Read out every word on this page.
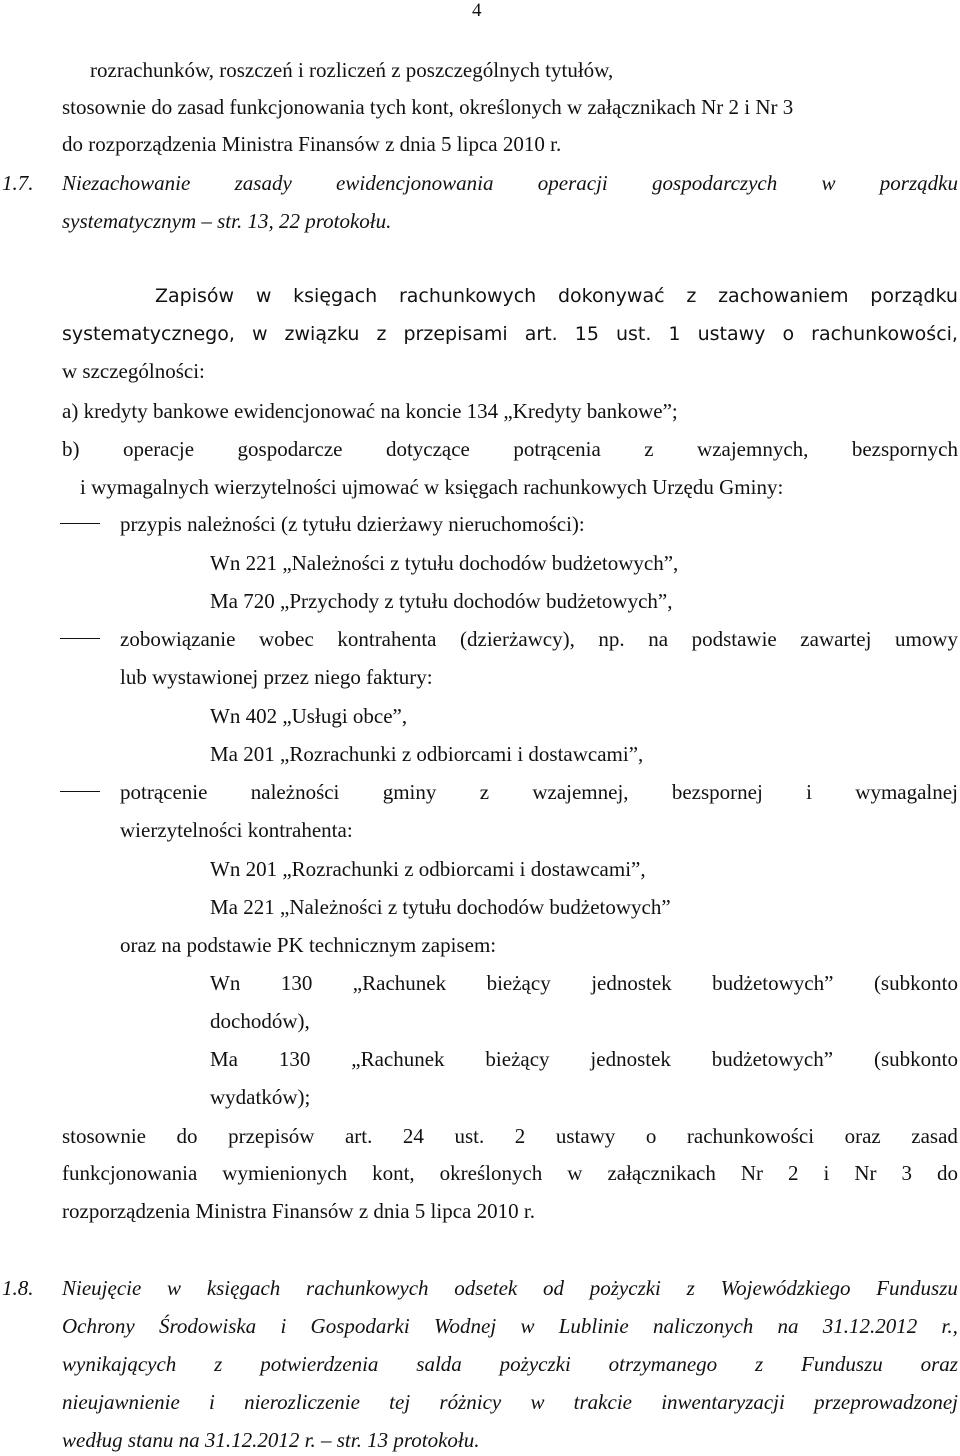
4
rozrachunków, roszczeń i rozliczeń z poszczególnych tytułów,
stosownie do zasad funkcjonowania tych kont, określonych w załącznikach Nr 2 i Nr 3
do rozporządzenia Ministra Finansów z dnia 5 lipca 2010 r.
1.7. Niezachowanie zasady ewidencjonowania operacji gospodarczych w porządku
systematycznym – str. 13, 22 protokołu.
Zapisów w księgach rachunkowych dokonywać z zachowaniem porządku
systematycznego, w związku z przepisami art. 15 ust. 1 ustawy o rachunkowości,
w szczególności:
a) kredyty bankowe ewidencjonować na koncie 134 „Kredyty bankowe”;
b) operacje gospodarcze dotyczące potrącenia z wzajemnych, bezspornych
i wymagalnych wierzytelności ujmować w księgach rachunkowych Urzędu Gminy:
przypis należności (z tytułu dzierżawy nieruchomości):
Wn 221 „Należności z tytułu dochodów budżetowych”,
Ma 720 „Przychody z tytułu dochodów budżetowych”,
zobowiązanie wobec kontrahenta (dzierżawcy), np. na podstawie zawartej umowy
lub wystawionej przez niego faktury:
Wn 402 „Usługi obce”,
Ma 201 „Rozrachunki z odbiorcami i dostawcami”,
potrącenie należności gminy z wzajemnej, bezspornej i wymagalnej
wierzytelności kontrahenta:
Wn 201 „Rozrachunki z odbiorcami i dostawcami”,
Ma 221 „Należności z tytułu dochodów budżetowych”
oraz na podstawie PK technicznym zapisem:
Wn 130 „Rachunek bieżący jednostek budżetowych” (subkonto
dochodów),
Ma 130 „Rachunek bieżący jednostek budżetowych” (subkonto
wydatków);
stosownie do przepisów art. 24 ust. 2 ustawy o rachunkowości oraz zasad
funkcjonowania wymienionych kont, określonych w załącznikach Nr 2 i Nr 3 do
rozporządzenia Ministra Finansów z dnia 5 lipca 2010 r.
1.8. Nieujęcie w księgach rachunkowych odsetek od pożyczki z Wojewódzkiego Funduszu
Ochrony Środowiska i Gospodarki Wodnej w Lublinie naliczonych na 31.12.2012 r.,
wynikających z potwierdzenia salda pożyczki otrzymanego z Funduszu oraz
nieujawnienie i nierozliczenie tej różnicy w trakcie inwentaryzacji przeprowadzonej
według stanu na 31.12.2012 r. – str. 13 protokołu.
